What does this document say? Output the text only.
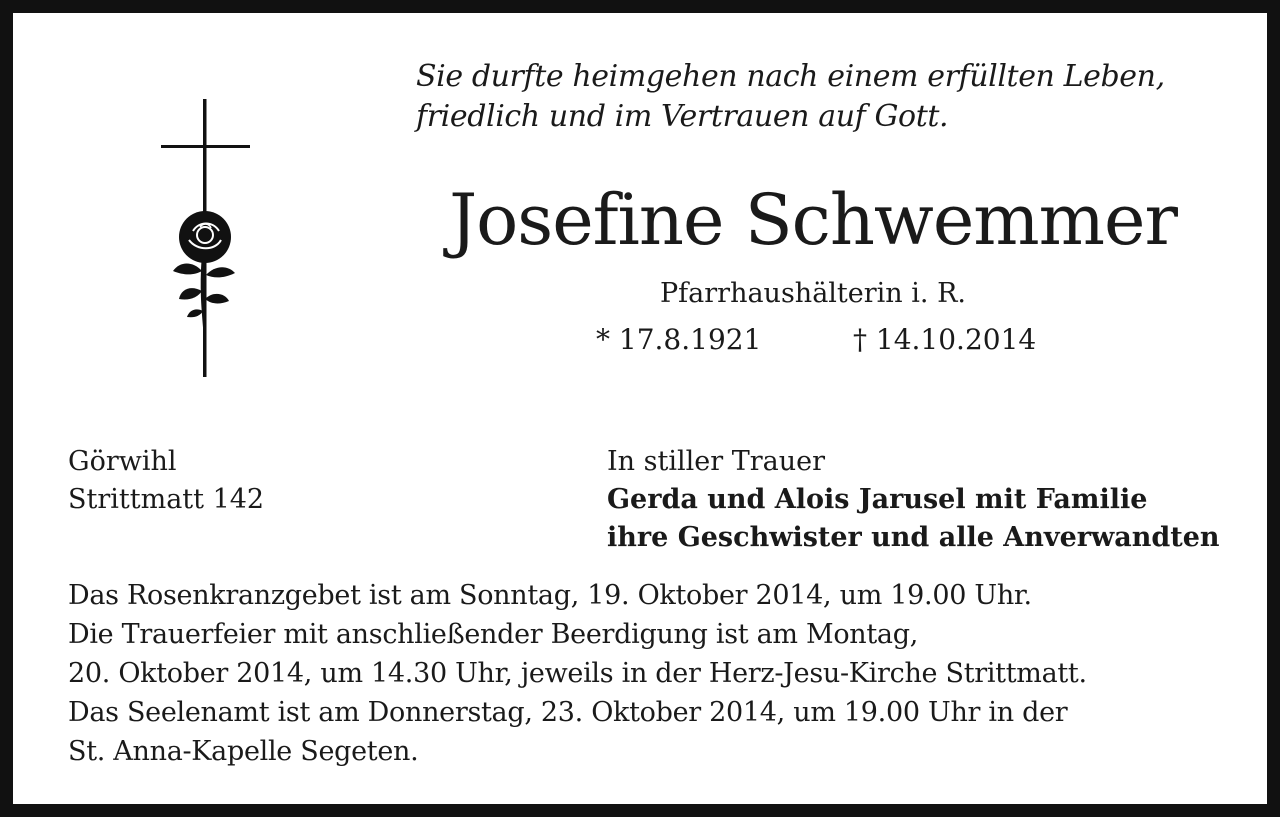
Sie durfte heimgehen nach einem erfüllten Leben,
friedlich und im Vertrauen auf Gott.
Josefine Schwemmer
Pfarrhaushälterin i. R.
* 17.8.1921	† 14.10.2014
Görwihl
Strittmatt 142
In stiller Trauer
Gerda und Alois Jarusel mit Familie
ihre Geschwister und alle Anverwandten
Das Rosenkranzgebet ist am Sonntag, 19. Oktober 2014, um 19.00 Uhr.
Die Trauerfeier mit anschließender Beerdigung ist am Montag,
20. Oktober 2014, um 14.30 Uhr, jeweils in der Herz-Jesu-Kirche Strittmatt.
Das Seelenamt ist am Donnerstag, 23. Oktober 2014, um 19.00 Uhr in der
St. Anna-Kapelle Segeten.
